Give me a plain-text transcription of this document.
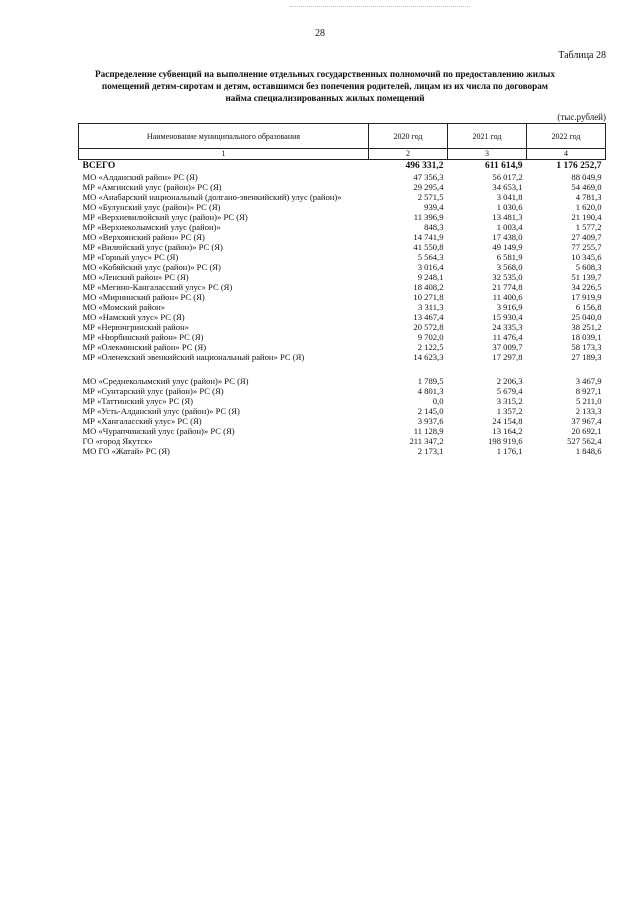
28
Таблица 28
Распределение субвенций на выполнение отдельных государственных полномочий по предоставлению жилых помещений детям-сиротам и детям, оставшимся без попечения родителей, лицам из их числа по договорам найма специализированных жилых помещений
(тыс.рублей)
Наименование муниципального образования	2020 год	2021 год	2022 год
1	2	3	4
ВСЕГО	496 331,2	611 614,9	1 176 252,7
МО «Алданский район» РС (Я)	47 356,3	56 017,2	88 049,9
МР «Амгинский улус (район)» РС (Я)	29 295,4	34 653,1	54 469,0
МО «Анабарский национальный (долгано-эвенкийский) улус (район)»	2 571,5	3 041,8	4 781,3
МО «Булунский улус (район)» РС (Я)	939,4	1 030,6	1 620,0
МР «Верхневилюйский улус (район)» РС (Я)	11 396,9	13 481,3	21 190,4
МР «Верхнеколымский улус (район)»	848,3	1 003,4	1 577,2
МО «Верхоянский район» РС (Я)	14 741,9	17 438,0	27 409,7
МР «Вилюйский улус (район)» РС (Я)	41 550,8	49 149,9	77 255,7
МР «Горный улус» РС (Я)	5 564,3	6 581,9	10 345,6
МО «Кобяйский улус (район)» РС (Я)	3 016,4	3 568,0	5 608,3
МО «Ленский район» РС (Я)	9 248,1	32 535,0	51 139,7
МР «Мегино-Кангаласский улус» РС (Я)	18 408,2	21 774,8	34 226,5
МО «Мирнинский район» РС (Я)	10 271,8	11 400,6	17 919,9
МО «Момский район»	3 311,3	3 916,9	6 156,8
МО «Намский улус» РС (Я)	13 467,4	15 930,4	25 040,0
МР «Нерюнгринский район»	20 572,8	24 335,3	38 251,2
МР «Нюрбинский район» РС (Я)	9 702,0	11 476,4	18 039,1
МР «Олекминский район» РС (Я)	2 122,5	37 009,7	58 173,3
МР «Оленекский эвенкийский национальный район» РС (Я)	14 623,3	17 297,8	27 189,3

МО «Среднеколымский улус (район)» РС (Я)	1 789,5	2 206,3	3 467,9
МР «Сунтарский улус (район)» РС (Я)	4 801,3	5 679,4	8 927,1
МР «Таттинский улус» РС (Я)	0,0	3 315,2	5 211,0
МР «Усть-Алданский улус (район)» РС (Я)	2 145,0	1 357,2	2 133,3
МР «Хангаласский улус» РС (Я)	3 937,6	24 154,8	37 967,4
МО «Чурапчинский улус (район)» РС (Я)	11 128,9	13 164,2	20 692,1
ГО «город Якутск»	211 347,2	198 919,6	527 562,4
МО ГО «Жатай» РС (Я)	2 173,1	1 176,1	1 848,6
